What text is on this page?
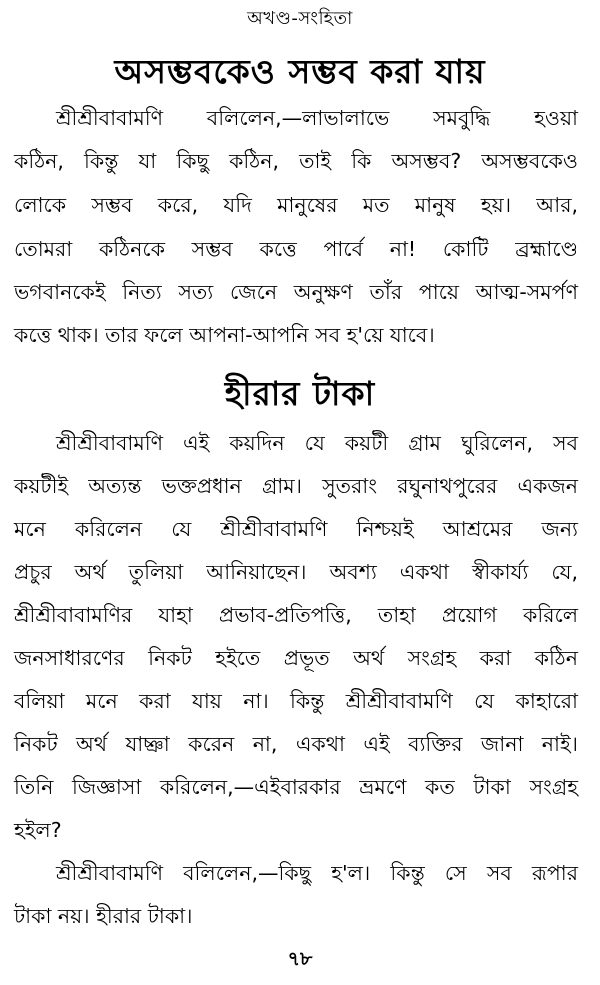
অখণ্ড-সংহিতা
অসম্ভবকেও সম্ভব করা যায়
শ্রীশ্রীবাবামণি বলিলেন,—লাভালাভে সমবুদ্ধি হওয়া
কঠিন, কিন্তু যা কিছু কঠিন, তাই কি অসম্ভব? অসম্ভবকেও
লোকে সম্ভব করে, যদি মানুষের মত মানুষ হয়। আর,
তোমরা কঠিনকে সম্ভব কত্তে পার্বে না! কোটি ব্রহ্মাণ্ডে
ভগবানকেই নিত্য সত্য জেনে অনুক্ষণ তাঁর পায়ে আত্ম-সমর্পণ
কত্তে থাক। তার ফলে আপনা-আপনি সব হ'য়ে যাবে।
হীরার টাকা
শ্রীশ্রীবাবামণি এই কয়দিন যে কয়টী গ্রাম ঘুরিলেন, সব
কয়টীই অত্যন্ত ভক্তপ্রধান গ্রাম। সুতরাং রঘুনাথপুরের একজন
মনে করিলেন যে শ্রীশ্রীবাবামণি নিশ্চয়ই আশ্রমের জন্য
প্রচুর অর্থ তুলিয়া আনিয়াছেন। অবশ্য একথা স্বীকার্য্য যে,
শ্রীশ্রীবাবামণির যাহা প্রভাব-প্রতিপত্তি, তাহা প্রয়োগ করিলে
জনসাধারণের নিকট হইতে প্রভূত অর্থ সংগ্রহ করা কঠিন
বলিয়া মনে করা যায় না। কিন্তু শ্রীশ্রীবাবামণি যে কাহারো
নিকট অর্থ যাচ্ঞা করেন না, একথা এই ব্যক্তির জানা নাই।
তিনি জিজ্ঞাসা করিলেন,—এইবারকার ভ্রমণে কত টাকা সংগ্রহ
হইল?
শ্রীশ্রীবাবামণি বলিলেন,—কিছু হ'ল। কিন্তু সে সব রূপার
টাকা নয়। হীরার টাকা।
৭৮
